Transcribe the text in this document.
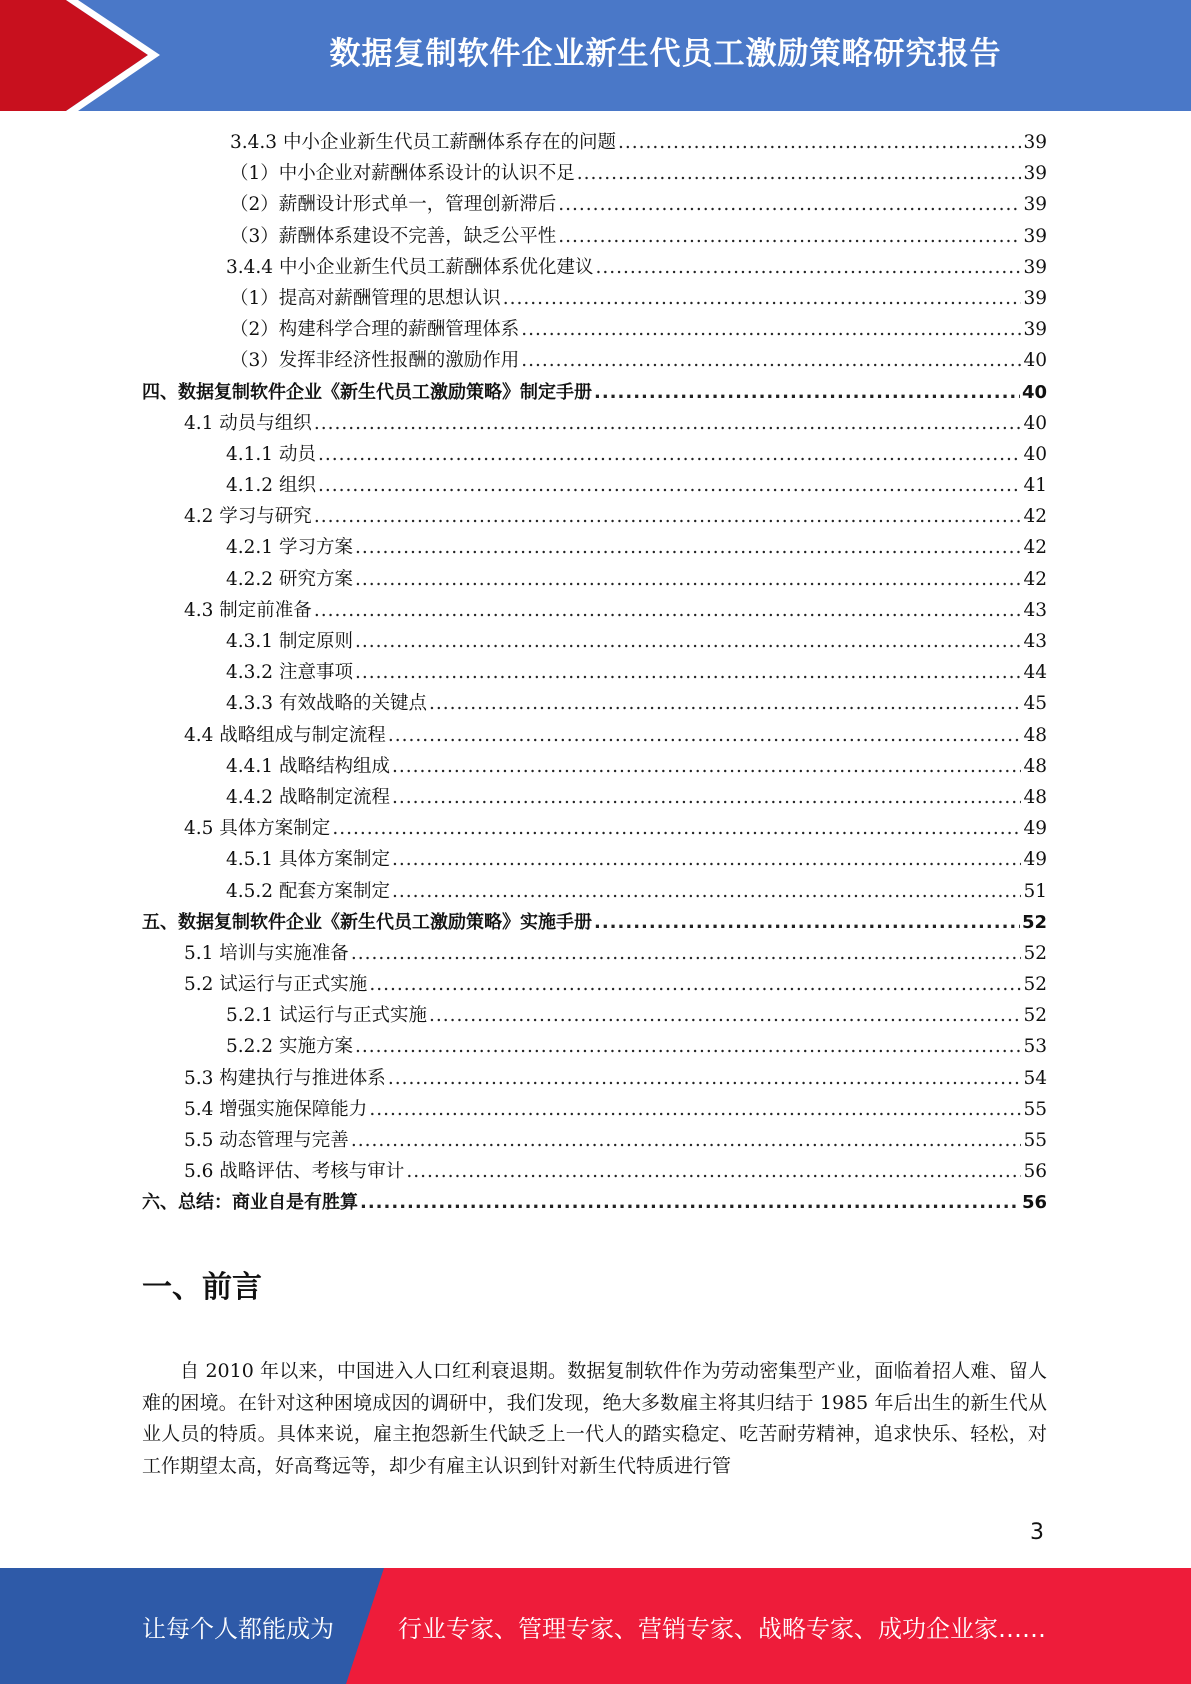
数据复制软件企业新生代员工激励策略研究报告
3.4.3 中小企业新生代员工薪酬体系存在的问题 .....	39
（1）中小企业对薪酬体系设计的认识不足 .....	39
（2）薪酬设计形式单一，管理创新滞后 .....	39
（3）薪酬体系建设不完善，缺乏公平性 .....	39
3.4.4 中小企业新生代员工薪酬体系优化建议 .....	39
（1）提高对薪酬管理的思想认识 .....	39
（2）构建科学合理的薪酬管理体系 .....	39
（3）发挥非经济性报酬的激励作用 .....	40
四、数据复制软件企业《新生代员工激励策略》制定手册 .....	40
4.1 动员与组织 .....	40
4.1.1 动员 .....	40
4.1.2 组织 .....	41
4.2 学习与研究 .....	42
4.2.1 学习方案 .....	42
4.2.2 研究方案 .....	42
4.3 制定前准备 .....	43
4.3.1 制定原则 .....	43
4.3.2 注意事项 .....	44
4.3.3 有效战略的关键点 .....	45
4.4 战略组成与制定流程 .....	48
4.4.1 战略结构组成 .....	48
4.4.2 战略制定流程 .....	48
4.5 具体方案制定 .....	49
4.5.1 具体方案制定 .....	49
4.5.2 配套方案制定 .....	51
五、数据复制软件企业《新生代员工激励策略》实施手册 .....	52
5.1 培训与实施准备 .....	52
5.2 试运行与正式实施 .....	52
5.2.1 试运行与正式实施 .....	52
5.2.2 实施方案 .....	53
5.3 构建执行与推进体系 .....	54
5.4 增强实施保障能力 .....	55
5.5 动态管理与完善 .....	55
5.6 战略评估、考核与审计 .....	56
六、总结：商业自是有胜算 .....	56
一、前言

自 2010 年以来，中国进入人口红利衰退期。数据复制软件作为劳动密集型产业，面临着招人难、留人难的困境。在针对这种困境成因的调研中，我们发现，绝大多数雇主将其归结于 1985 年后出生的新生代从业人员的特质。具体来说，雇主抱怨新生代缺乏上一代人的踏实稳定、吃苦耐劳精神，追求快乐、轻松，对工作期望太高，好高骛远等，却少有雇主认识到针对新生代特质进行管

3
让每个人都能成为	行业专家、管理专家、营销专家、战略专家、成功企业家……
